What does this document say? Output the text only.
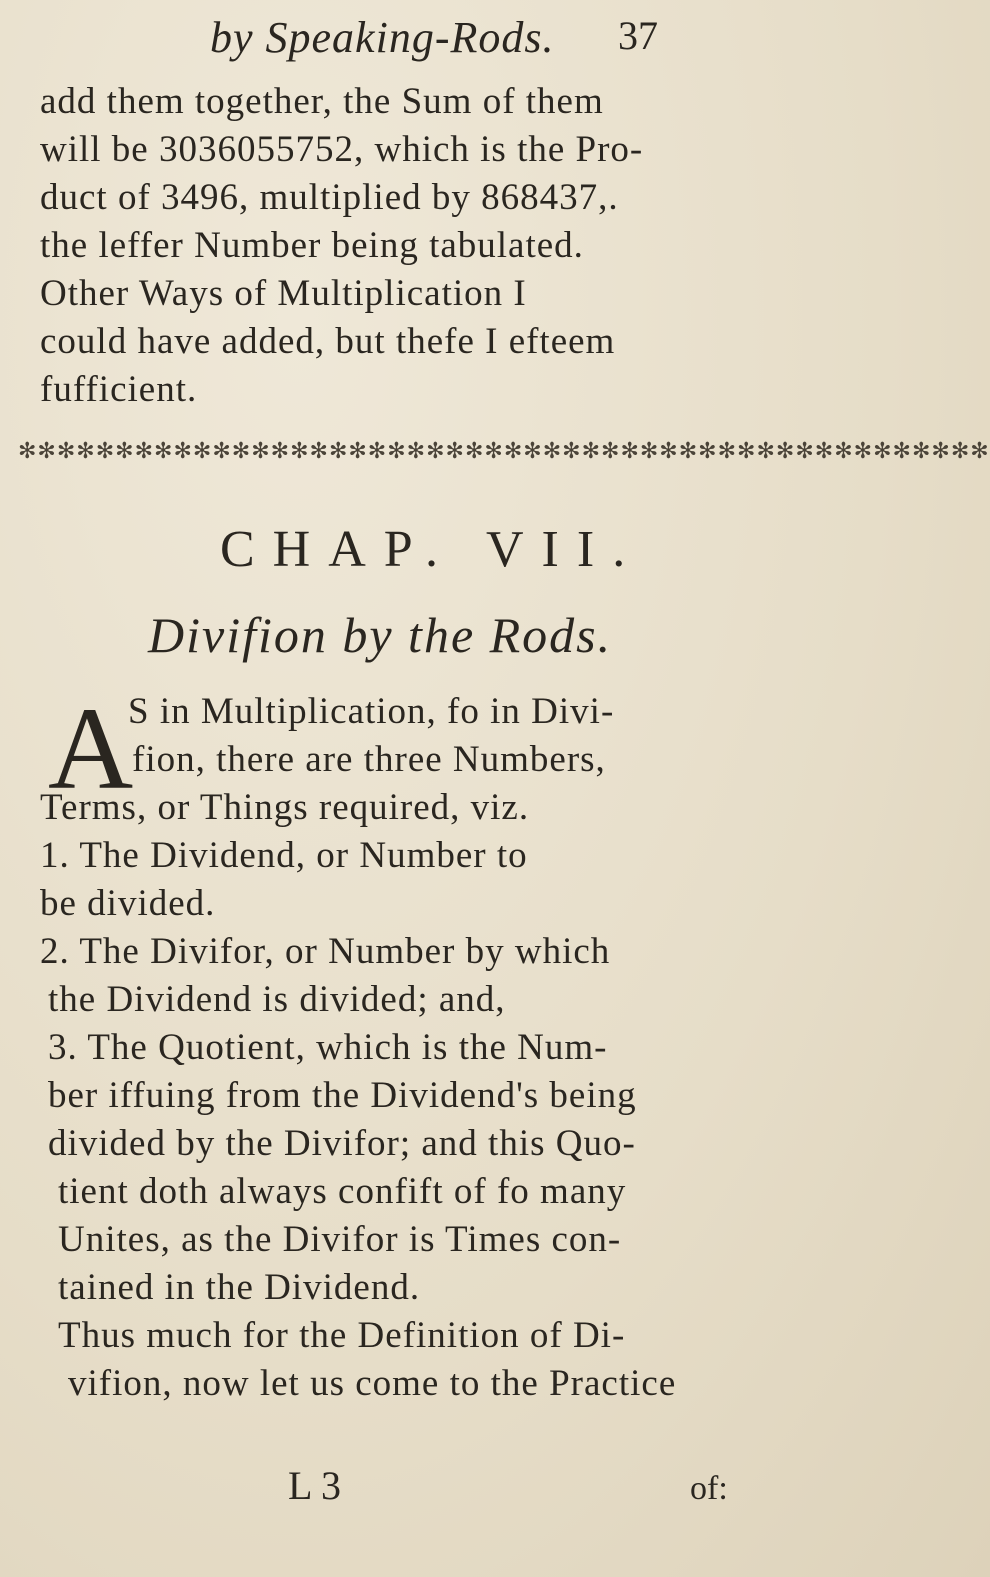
by Speaking-Rods. 37
add them together, the Sum of them
will be 3036055752, which is the Pro-
duct of 3496, multiplied by 868437,.
the leffer Number being tabulated.
Other Ways of Multiplication I
could have added, but thefe I efteem
fufficient.
✻✻✻✻✻✻✻✻✻✻✻✻✻✻✻✻✻✻✻✻✻✻✻✻✻✻✻✻✻✻✻✻✻✻✻✻✻✻✻✻✻✻✻✻✻✻✻✻✻✻
CHAP. VII.
Divifion by the Rods.
A
S in Multiplication, fo in Divi-
fion, there are three Numbers,
Terms, or Things required, viz.
1. The Dividend, or Number to
be divided.
2. The Divifor, or Number by which
the Dividend is divided; and,
3. The Quotient, which is the Num-
ber iffuing from the Dividend's being
divided by the Divifor; and this Quo-
tient doth always confift of fo many
Unites, as the Divifor is Times con-
tained in the Dividend.
Thus much for the Definition of Di-
vifion, now let us come to the Practice
L 3	of:
